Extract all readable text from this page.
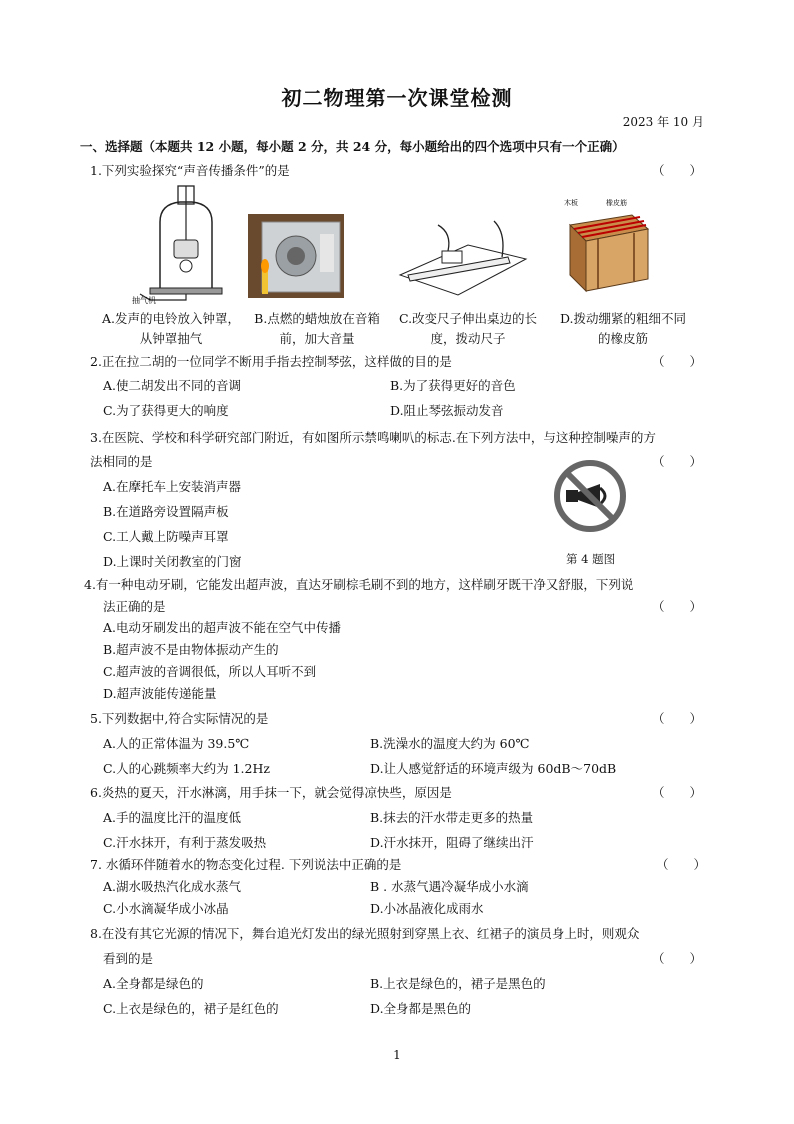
初二物理第一次课堂检测
2023 年 10 月
一、选择题（本题共 12 小题，每小题 2 分，共 24 分，每小题给出的四个选项中只有一个正确）
1.下列实验探究“声音传播条件”的是	（　　）
抽气机
木板	橡皮筋
A.发声的电铃放入钟罩，从钟罩抽气
B.点燃的蜡烛放在音箱前，加大音量
C.改变尺子伸出桌边的长度，拨动尺子
D.拨动绷紧的粗细不同的橡皮筋
2.正在拉二胡的一位同学不断用手指去控制琴弦，这样做的目的是	（　　）
A.使二胡发出不同的音调	B.为了获得更好的音色
C.为了获得更大的响度	D.阻止琴弦振动发音
3.在医院、学校和科学研究部门附近，有如图所示禁鸣喇叭的标志.在下列方法中，与这种控制噪声的方
法相同的是	（　　）
A.在摩托车上安装消声器
B.在道路旁设置隔声板
C.工人戴上防噪声耳罩
D.上课时关闭教室的门窗	第 4 题图
4.有一种电动牙刷，它能发出超声波，直达牙刷棕毛刷不到的地方，这样刷牙既干净又舒服，下列说
法正确的是	（　　）
A.电动牙刷发出的超声波不能在空气中传播
B.超声波不是由物体振动产生的
C.超声波的音调很低，所以人耳听不到
D.超声波能传递能量
5.下列数据中,符合实际情况的是	（　　）
A.人的正常体温为 39.5℃	B.洗澡水的温度大约为 60℃
C.人的心跳频率大约为 1.2Hz	D.让人感觉舒适的环境声级为 60dB～70dB
6.炎热的夏天，汗水淋漓，用手抹一下，就会觉得凉快些，原因是	（　　）
A.手的温度比汗的温度低	B.抹去的汗水带走更多的热量
C.汗水抹开，有利于蒸发吸热	D.汗水抹开，阻碍了继续出汗
7. 水循环伴随着水的物态变化过程. 下列说法中正确的是	（　　）
A.湖水吸热汽化成水蒸气	B . 水蒸气遇冷凝华成小水滴
C.小水滴凝华成小冰晶	D.小冰晶液化成雨水
8.在没有其它光源的情况下，舞台追光灯发出的绿光照射到穿黑上衣、红裙子的演员身上时，则观众
看到的是	（　　）
A.全身都是绿色的	B.上衣是绿色的，裙子是黑色的
C.上衣是绿色的，裙子是红色的	D.全身都是黑色的
1
